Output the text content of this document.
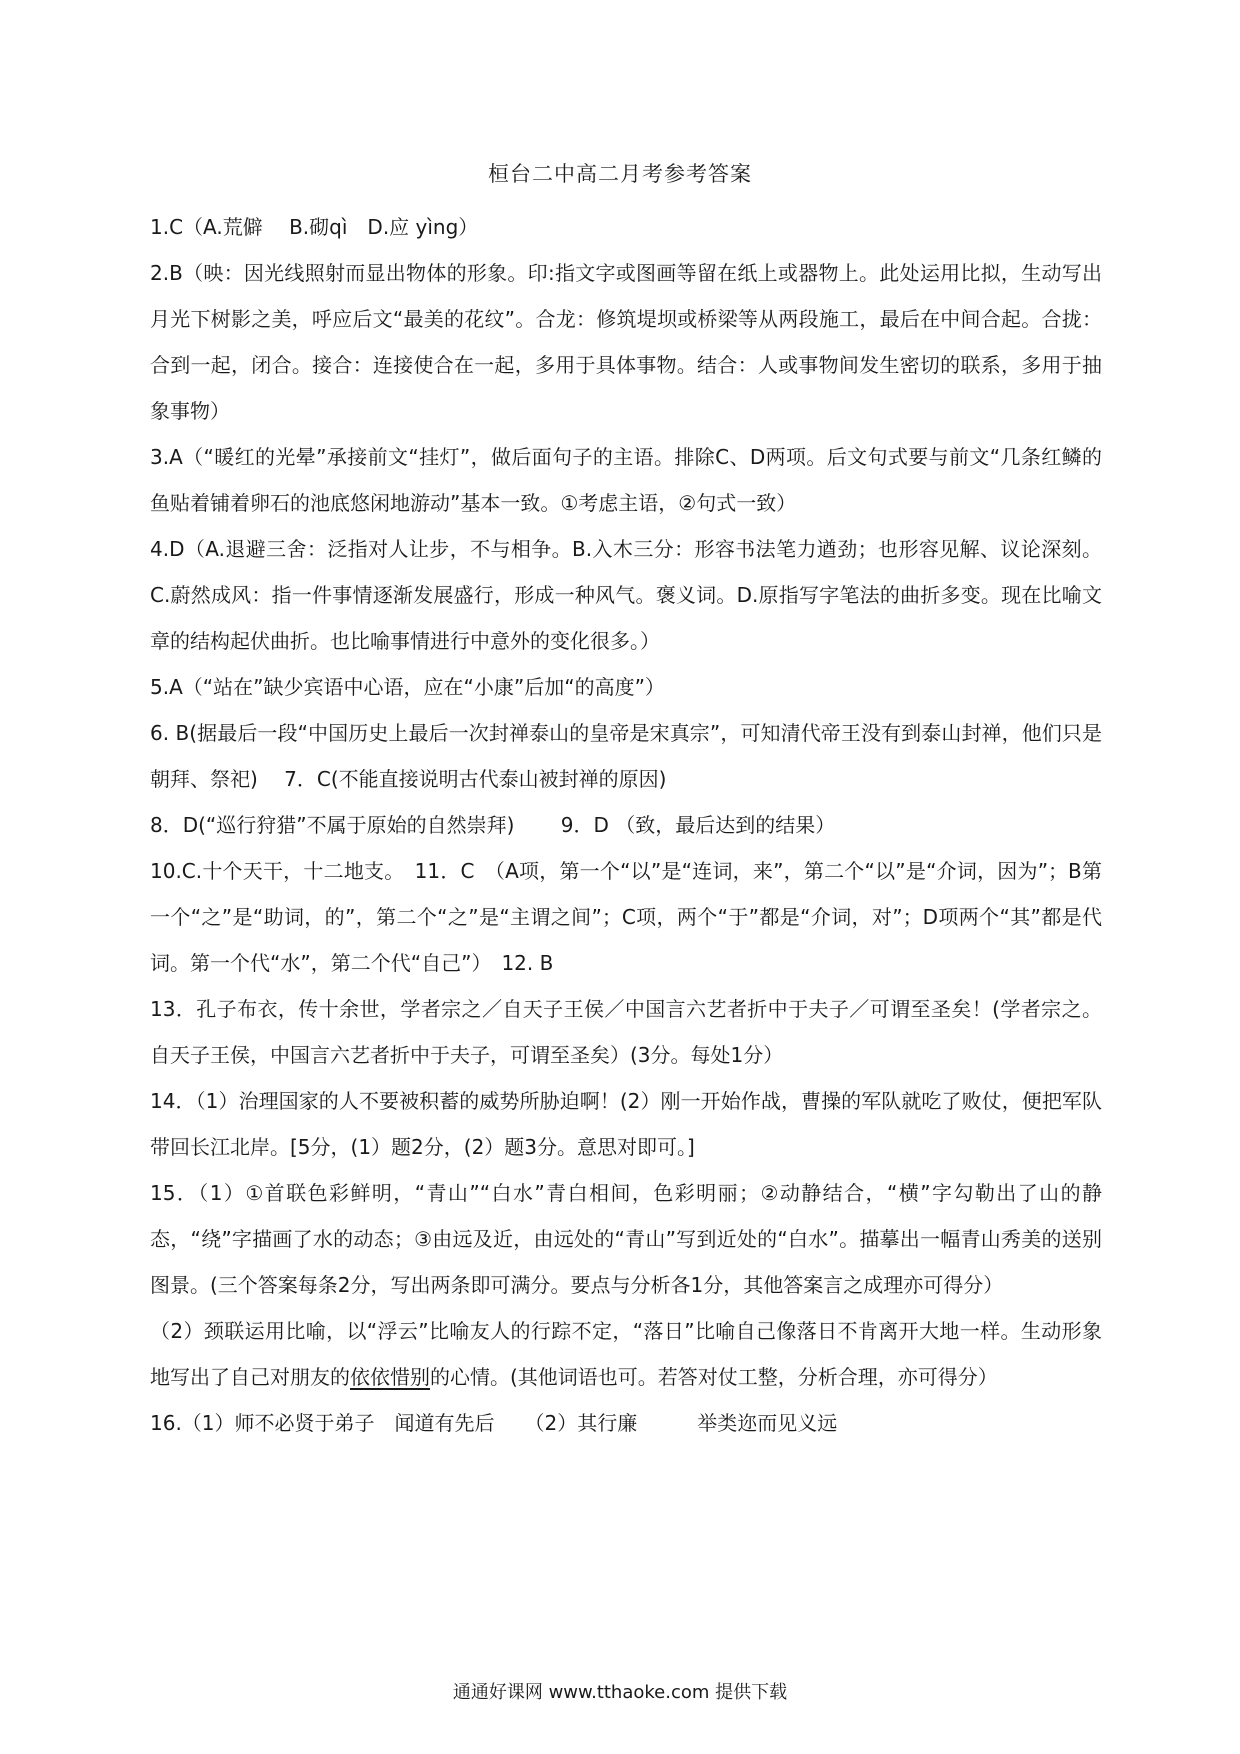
桓台二中高二月考参考答案

1.C（A.荒僻　 B.砌qì　D.应 yìng）

2.B（映：因光线照射而显出物体的形象。印:指文字或图画等留在纸上或器物上。此处运用比拟，生动写出月光下树影之美，呼应后文“最美的花纹”。合龙：修筑堤坝或桥梁等从两段施工，最后在中间合起。合拢：合到一起，闭合。接合：连接使合在一起，多用于具体事物。结合：人或事物间发生密切的联系，多用于抽象事物）

3.A（“暖红的光晕”承接前文“挂灯”，做后面句子的主语。排除C、D两项。后文句式要与前文“几条红鳞的鱼贴着铺着卵石的池底悠闲地游动”基本一致。①考虑主语，②句式一致）

4.D（A.退避三舍：泛指对人让步，不与相争。B.入木三分：形容书法笔力遒劲；也形容见解、议论深刻。C.蔚然成风：指一件事情逐渐发展盛行，形成一种风气。褒义词。D.原指写字笔法的曲折多变。现在比喻文章的结构起伏曲折。也比喻事情进行中意外的变化很多。）

5.A（“站在”缺少宾语中心语，应在“小康”后加“的高度”）

6. B(据最后一段“中国历史上最后一次封禅泰山的皇帝是宋真宗”，可知清代帝王没有到泰山封禅，他们只是朝拜、祭祀)　 7．C(不能直接说明古代泰山被封禅的原因)

8．D(“巡行狩猎”不属于原始的自然崇拜)　　 9．D （致，最后达到的结果）

10.C.十个天干，十二地支。　11．C　（A项，第一个“以”是“连词，来”，第二个“以”是“介词，因为”；B第一个“之”是“助词，的”，第二个“之”是“主谓之间”；C项，两个“于”都是“介词，对”；D项两个“其”都是代词。第一个代“水”，第二个代“自己”）　12. B

13．孔子布衣，传十余世，学者宗之／自天子王侯／中国言六艺者折中于夫子／可谓至圣矣！(学者宗之。自天子王侯，中国言六艺者折中于夫子，可谓至圣矣）(3分。每处1分）

14．（1）治理国家的人不要被积蓄的威势所胁迫啊！(2）刚一开始作战，曹操的军队就吃了败仗，便把军队带回长江北岸。[5分，(1）题2分，(2）题3分。意思对即可。]

15．（1）①首联色彩鲜明，“青山”“白水”青白相间，色彩明丽；②动静结合，“横”字勾勒出了山的静态，“绕”字描画了水的动态；③由远及近，由远处的“青山”写到近处的“白水”。描摹出一幅青山秀美的送别图景。(三个答案每条2分，写出两条即可满分。要点与分析各1分，其他答案言之成理亦可得分）

（2）颈联运用比喻，以“浮云”比喻友人的行踪不定，“落日”比喻自己像落日不肯离开大地一样。生动形象地写出了自己对朋友的依依惜别的心情。(其他词语也可。若答对仗工整，分析合理，亦可得分）

16.（1）师不必贤于弟子　闻道有先后　　（2）其行廉　　　举类迩而见义远

通通好课网 www.tthaoke.com 提供下载
